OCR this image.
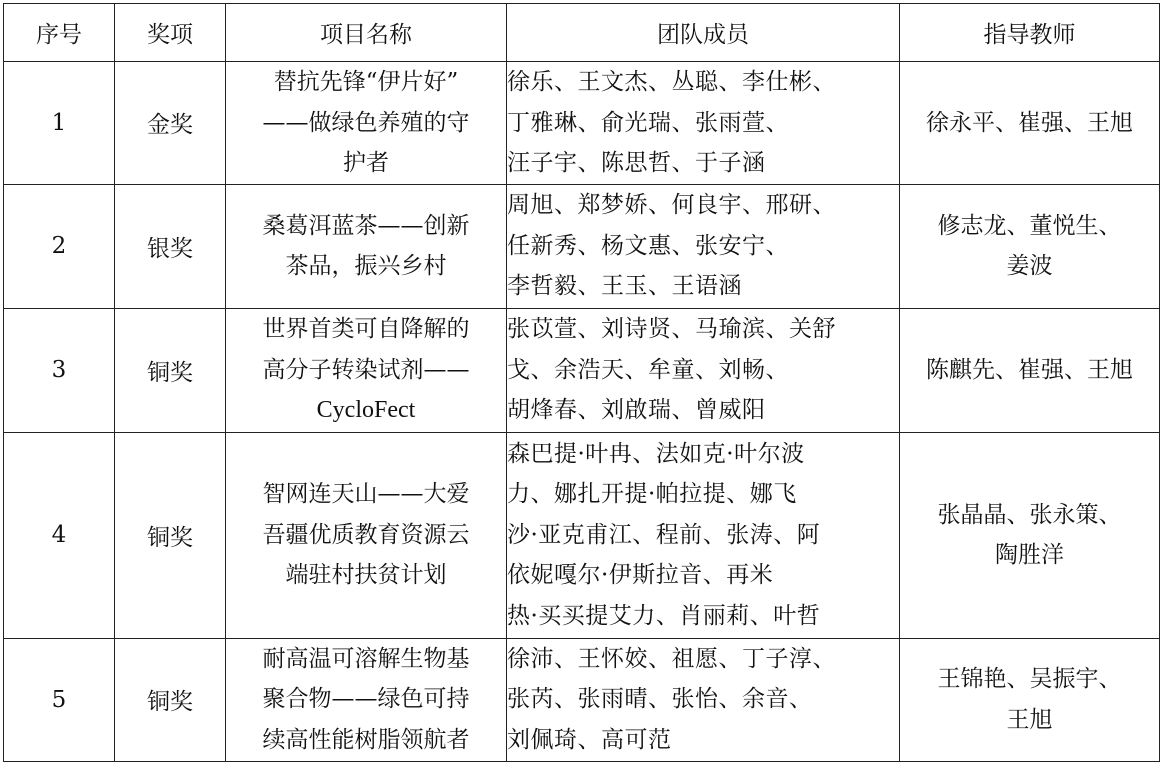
序号	奖项	项目名称	团队成员	指导教师
1	金奖	替抗先锋“伊片好”
——做绿色养殖的守
护者	徐乐、王文杰、丛聪、李仕彬、
丁雅琳、俞光瑞、张雨萱、
汪子宇、陈思哲、于子涵	徐永平、崔强、王旭

2	银奖	桑葛洱蓝茶——创新
茶品，振兴乡村	周旭、郑梦娇、何良宇、邢研、
任新秀、杨文惠、张安宁、
李哲毅、王玉、王语涵	修志龙、董悦生、
姜波

3	铜奖	世界首类可自降解的
高分子转染试剂——
CycloFect	张苡萱、刘诗贤、马瑜滨、关舒
戈、余浩天、牟童、刘畅、
胡烽春、刘啟瑞、曾威阳	陈麒先、崔强、王旭

4	铜奖	智网连天山——大爱
吾疆优质教育资源云
端驻村扶贫计划	森巴提·叶冉、法如克·叶尔波
力、娜扎开提·帕拉提、娜飞
沙·亚克甫江、程前、张涛、阿
依妮嘎尔·伊斯拉音、再米
热·买买提艾力、肖丽莉、叶哲	张晶晶、张永策、
陶胜洋

5	铜奖	耐高温可溶解生物基
聚合物——绿色可持
续高性能树脂领航者	徐沛、王怀姣、祖愿、丁子淳、
张芮、张雨晴、张怡、余音、
刘佩琦、高可范	王锦艳、吴振宇、
王旭
